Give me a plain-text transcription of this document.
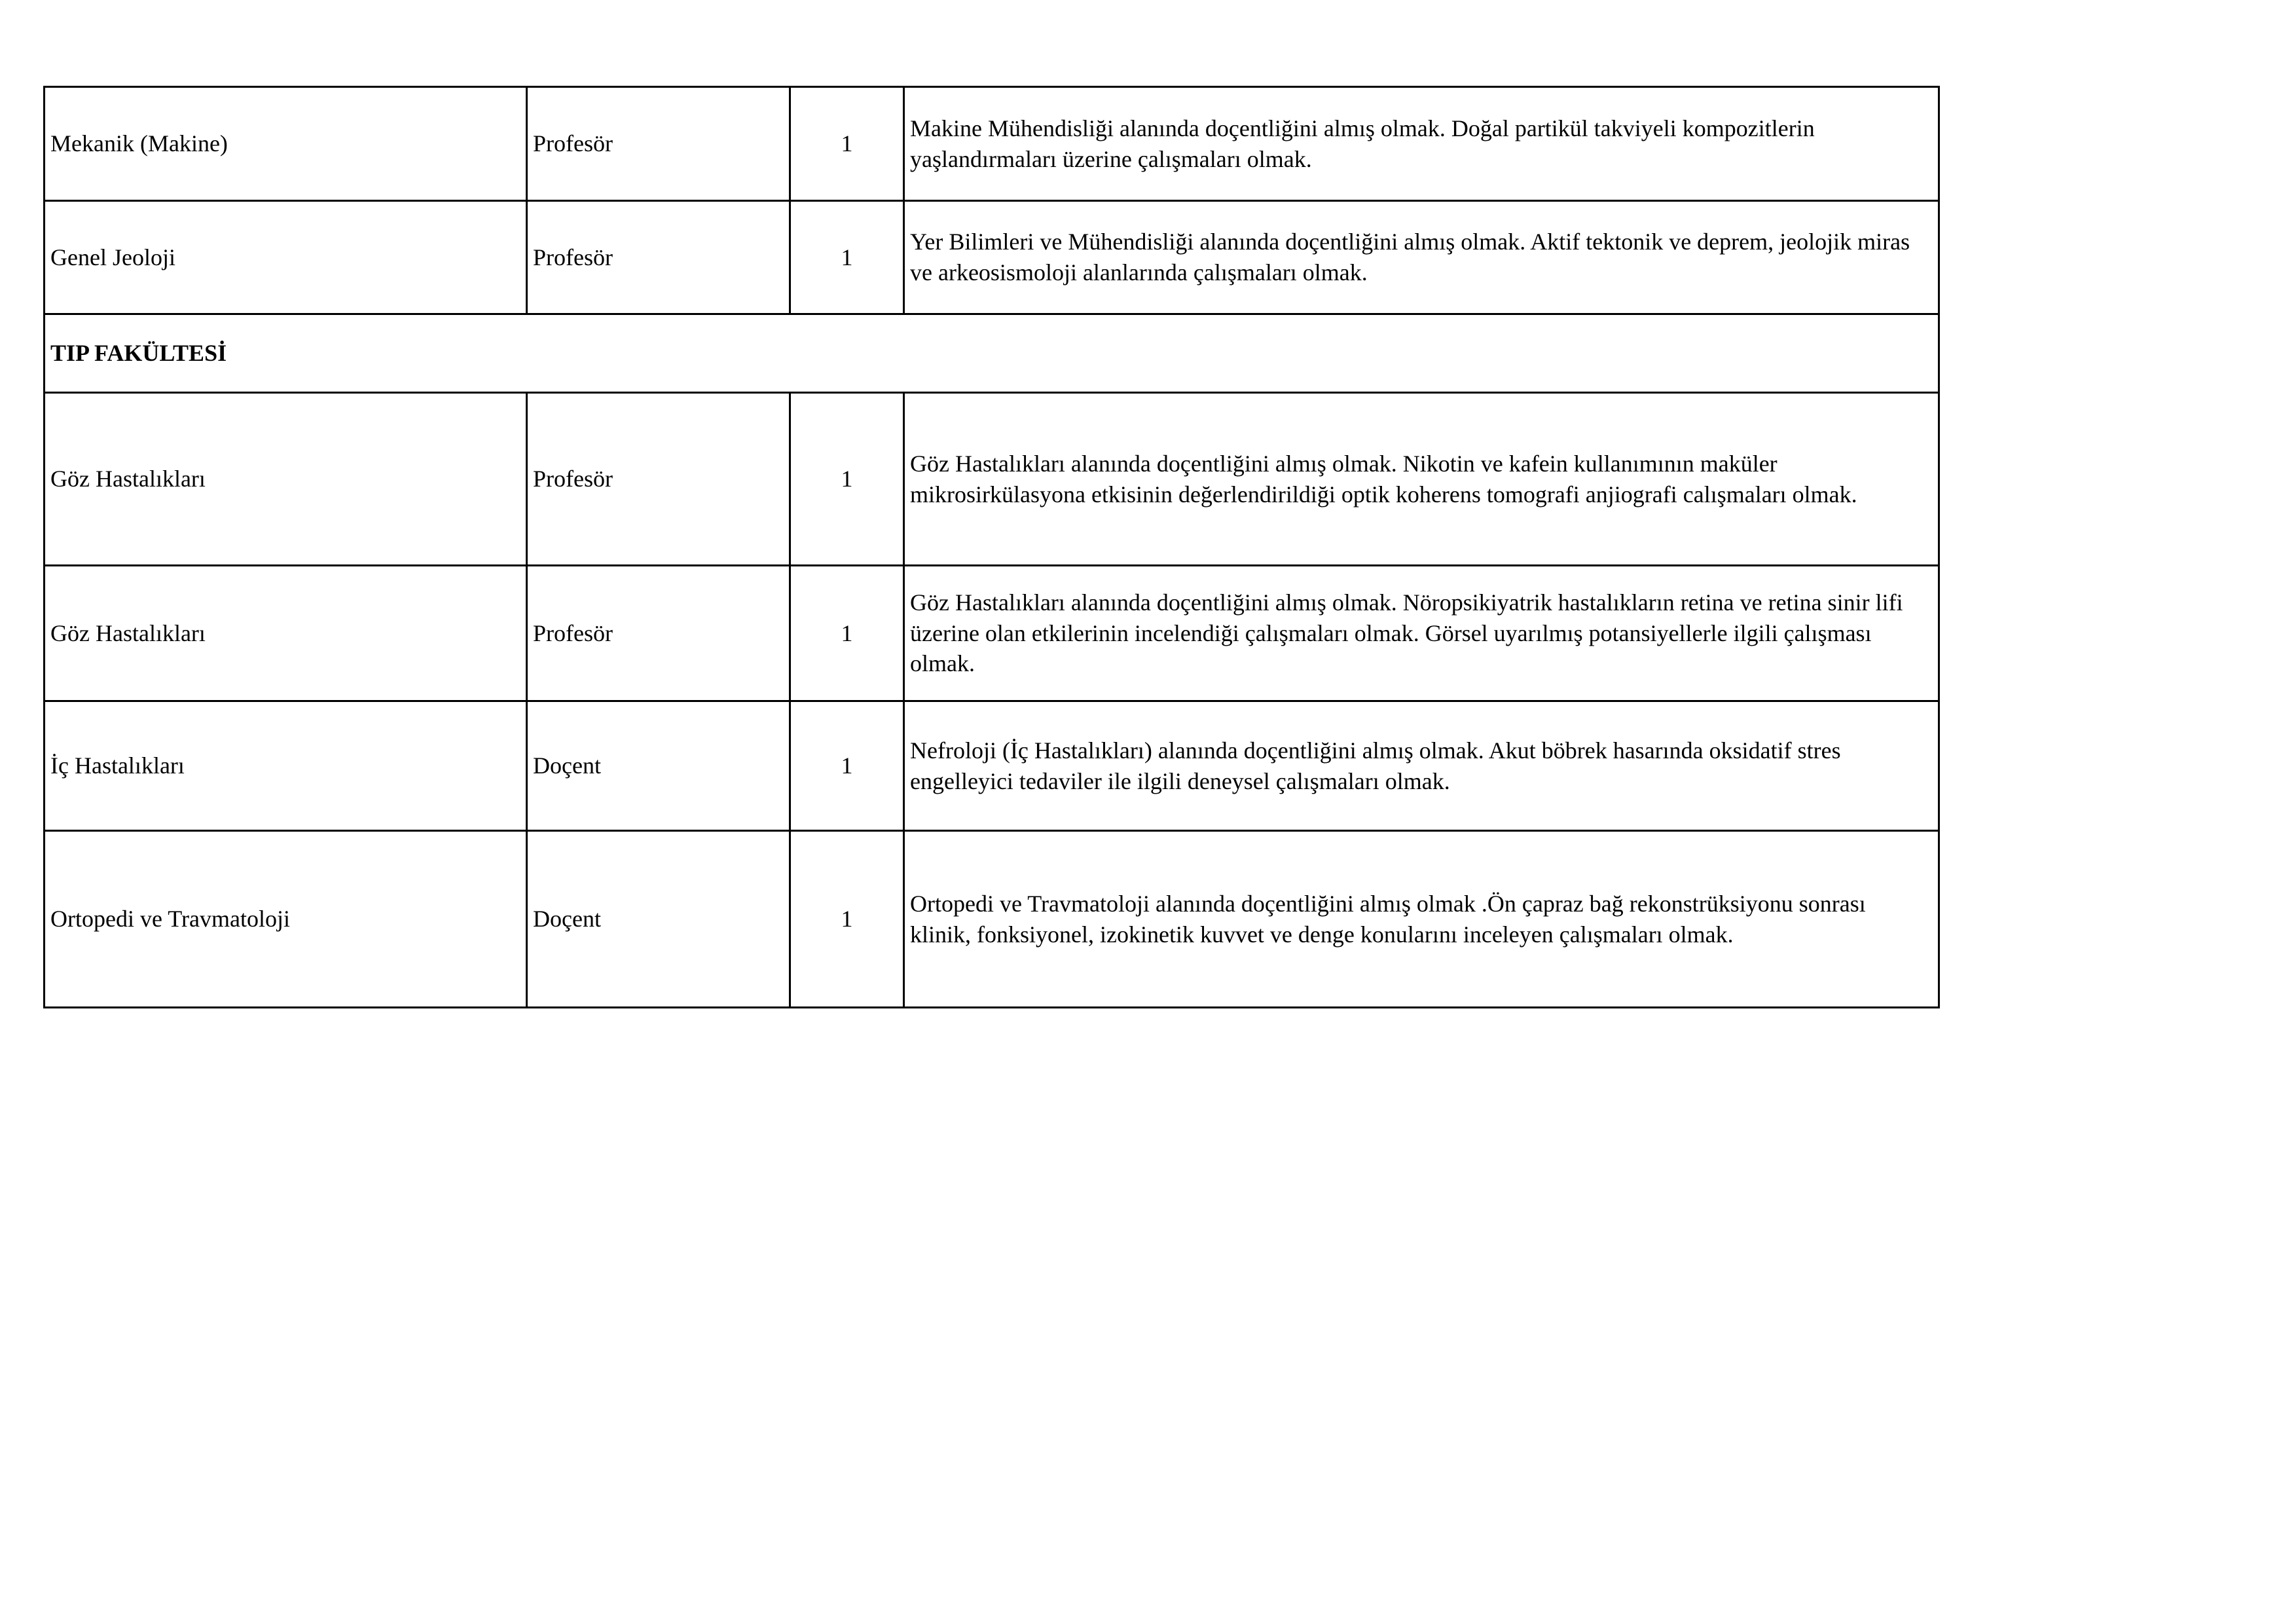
Mekanik (Makine)	Profesör	1	Makine Mühendisliği alanında doçentliğini almış olmak. Doğal partikül takviyeli kompozitlerin yaşlandırmaları üzerine çalışmaları olmak.
Genel Jeoloji	Profesör	1	Yer Bilimleri ve Mühendisliği alanında doçentliğini almış olmak. Aktif tektonik ve deprem, jeolojik miras ve arkeosismoloji alanlarında çalışmaları olmak.
TIP FAKÜLTESİ			
Göz Hastalıkları	Profesör	1	Göz Hastalıkları alanında doçentliğini almış olmak. Nikotin ve kafein kullanımının maküler mikrosirkülasyona etkisinin değerlendirildiği optik koherens tomografi anjiografi calışmaları olmak.
Göz Hastalıkları	Profesör	1	Göz Hastalıkları alanında doçentliğini almış olmak. Nöropsikiyatrik hastalıkların retina ve retina sinir lifi üzerine olan etkilerinin incelendiği çalışmaları olmak. Görsel uyarılmış potansiyellerle ilgili çalışması olmak.
İç Hastalıkları	Doçent	1	Nefroloji (İç Hastalıkları) alanında doçentliğini almış olmak. Akut böbrek hasarında oksidatif stres engelleyici tedaviler ile ilgili deneysel çalışmaları olmak.
Ortopedi ve Travmatoloji	Doçent	1	Ortopedi ve Travmatoloji alanında doçentliğini almış olmak .Ön çapraz bağ rekonstrüksiyonu sonrası klinik, fonksiyonel, izokinetik kuvvet ve denge konularını inceleyen çalışmaları olmak.
